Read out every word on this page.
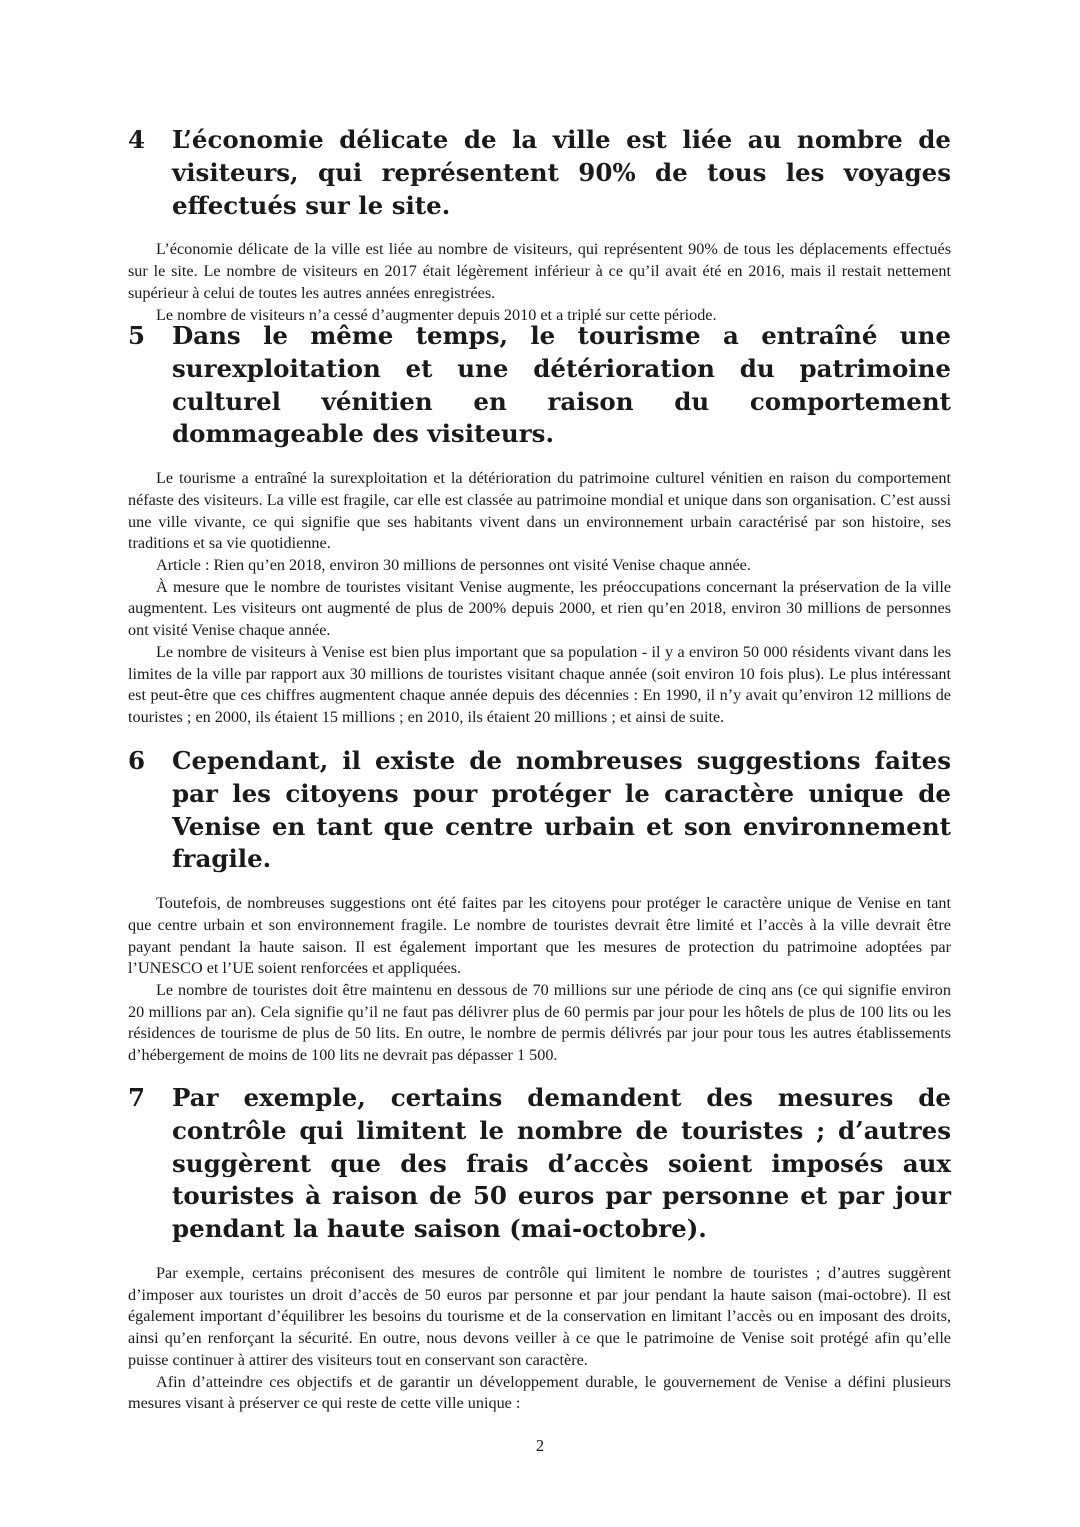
4 L’économie délicate de la ville est liée au nombre de visiteurs, qui représentent 90% de tous les voyages effectués sur le site.

L’économie délicate de la ville est liée au nombre de visiteurs, qui représentent 90% de tous les déplacements effectués sur le site. Le nombre de visiteurs en 2017 était légèrement inférieur à ce qu’il avait été en 2016, mais il restait nettement supérieur à celui de toutes les autres années enregistrées.

Le nombre de visiteurs n’a cessé d’augmenter depuis 2010 et a triplé sur cette période.

5 Dans le même temps, le tourisme a entraîné une surexploitation et une détérioration du patrimoine culturel vénitien en raison du comportement dommageable des visiteurs.

Le tourisme a entraîné la surexploitation et la détérioration du patrimoine culturel vénitien en raison du comportement néfaste des visiteurs. La ville est fragile, car elle est classée au patrimoine mondial et unique dans son organisation. C’est aussi une ville vivante, ce qui signifie que ses habitants vivent dans un environnement urbain caractérisé par son histoire, ses traditions et sa vie quotidienne.

Article : Rien qu’en 2018, environ 30 millions de personnes ont visité Venise chaque année.

À mesure que le nombre de touristes visitant Venise augmente, les préoccupations concernant la préservation de la ville augmentent. Les visiteurs ont augmenté de plus de 200% depuis 2000, et rien qu’en 2018, environ 30 millions de personnes ont visité Venise chaque année.

Le nombre de visiteurs à Venise est bien plus important que sa population - il y a environ 50 000 résidents vivant dans les limites de la ville par rapport aux 30 millions de touristes visitant chaque année (soit environ 10 fois plus). Le plus intéressant est peut-être que ces chiffres augmentent chaque année depuis des décennies : En 1990, il n’y avait qu’environ 12 millions de touristes ; en 2000, ils étaient 15 millions ; en 2010, ils étaient 20 millions ; et ainsi de suite.

6 Cependant, il existe de nombreuses suggestions faites par les citoyens pour protéger le caractère unique de Venise en tant que centre urbain et son environnement fragile.

Toutefois, de nombreuses suggestions ont été faites par les citoyens pour protéger le caractère unique de Venise en tant que centre urbain et son environnement fragile. Le nombre de touristes devrait être limité et l’accès à la ville devrait être payant pendant la haute saison. Il est également important que les mesures de protection du patrimoine adoptées par l’UNESCO et l’UE soient renforcées et appliquées.

Le nombre de touristes doit être maintenu en dessous de 70 millions sur une période de cinq ans (ce qui signifie environ 20 millions par an). Cela signifie qu’il ne faut pas délivrer plus de 60 permis par jour pour les hôtels de plus de 100 lits ou les résidences de tourisme de plus de 50 lits. En outre, le nombre de permis délivrés par jour pour tous les autres établissements d’hébergement de moins de 100 lits ne devrait pas dépasser 1 500.

7 Par exemple, certains demandent des mesures de contrôle qui limitent le nombre de touristes ; d’autres suggèrent que des frais d’accès soient imposés aux touristes à raison de 50 euros par personne et par jour pendant la haute saison (mai-octobre).

Par exemple, certains préconisent des mesures de contrôle qui limitent le nombre de touristes ; d’autres suggèrent d’imposer aux touristes un droit d’accès de 50 euros par personne et par jour pendant la haute saison (mai-octobre). Il est également important d’équilibrer les besoins du tourisme et de la conservation en limitant l’accès ou en imposant des droits, ainsi qu’en renforçant la sécurité. En outre, nous devons veiller à ce que le patrimoine de Venise soit protégé afin qu’elle puisse continuer à attirer des visiteurs tout en conservant son caractère.

Afin d’atteindre ces objectifs et de garantir un développement durable, le gouvernement de Venise a défini plusieurs mesures visant à préserver ce qui reste de cette ville unique :

2
